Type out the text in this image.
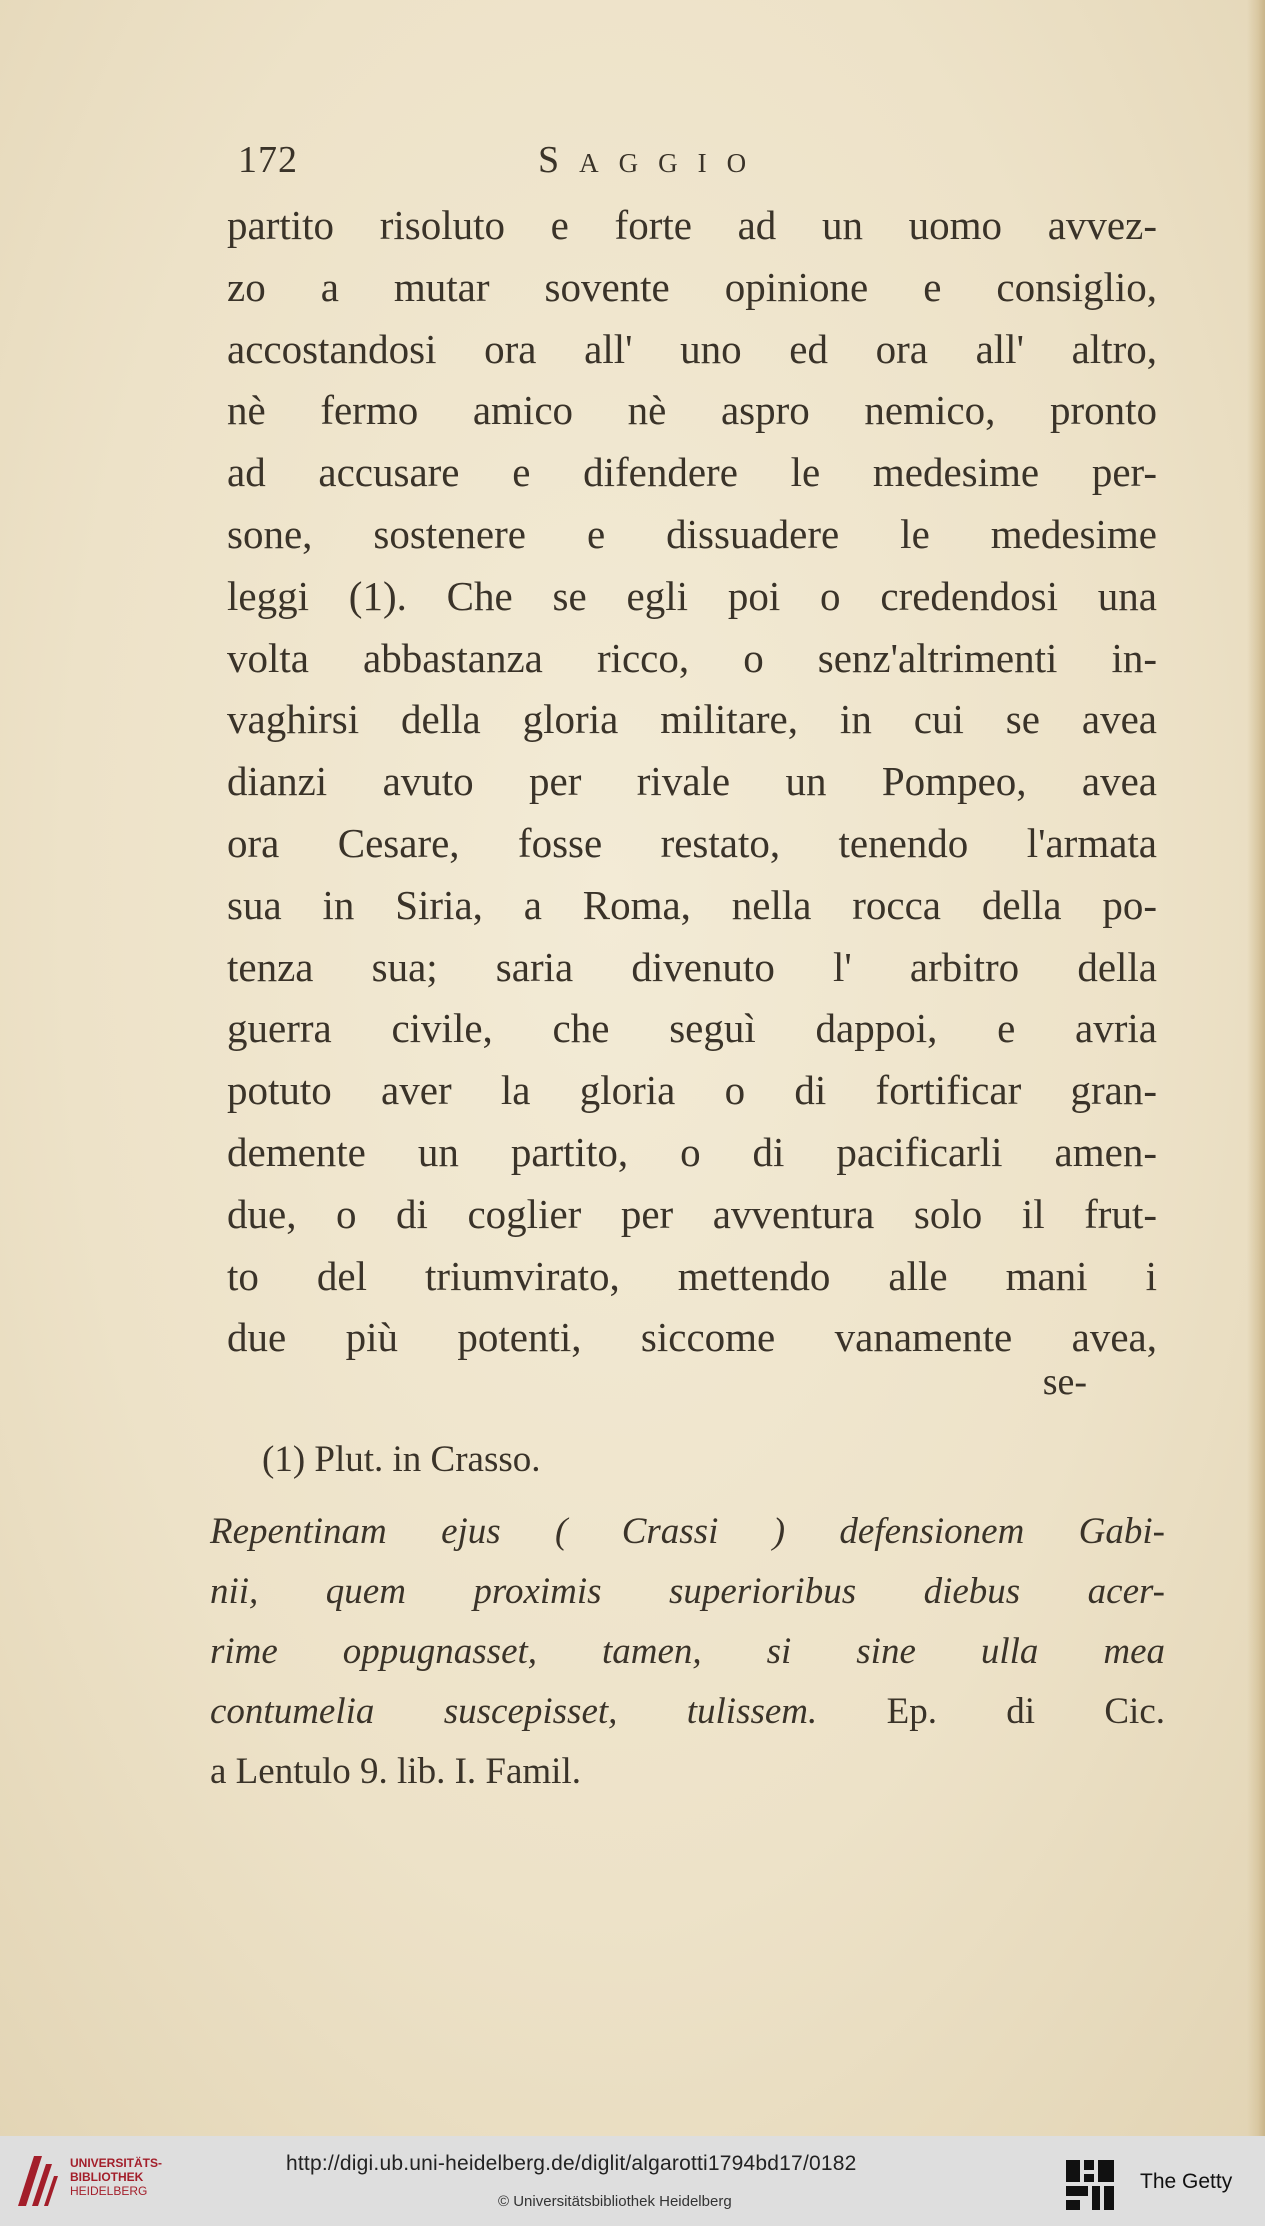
172	Saggio
partito risoluto e forte ad un uomo avvez-
zo a mutar sovente opinione e consiglio,
accostandosi ora all' uno ed ora all' altro,
nè fermo amico nè aspro nemico, pronto
ad accusare e difendere le medesime per-
sone, sostenere e dissuadere le medesime
leggi (1). Che se egli poi o credendosi una
volta abbastanza ricco, o senz'altrimenti in-
vaghirsi della gloria militare, in cui se avea
dianzi avuto per rivale un Pompeo, avea
ora Cesare, fosse restato, tenendo l'armata
sua in Siria, a Roma, nella rocca della po-
tenza sua; saria divenuto l' arbitro della
guerra civile, che seguì dappoi, e avria
potuto aver la gloria o di fortificar gran-
demente un partito, o di pacificarli amen-
due, o di coglier per avventura solo il frut-
to del triumvirato, mettendo alle mani i
due più potenti, siccome vanamente avea,
se-
(1) Plut. in Crasso.
Repentinam ejus ( Crassi ) defensionem Gabi-
nii, quem proximis superioribus diebus acer-
rime oppugnasset, tamen, si sine ulla mea
contumelia suscepisset, tulissem. Ep. di Cic.
a Lentulo 9. lib. I. Famil.
UNIVERSITÄTS-
BIBLIOTHEK
HEIDELBERG
http://digi.ub.uni-heidelberg.de/diglit/algarotti1794bd17/0182
© Universitätsbibliothek Heidelberg
The Getty
